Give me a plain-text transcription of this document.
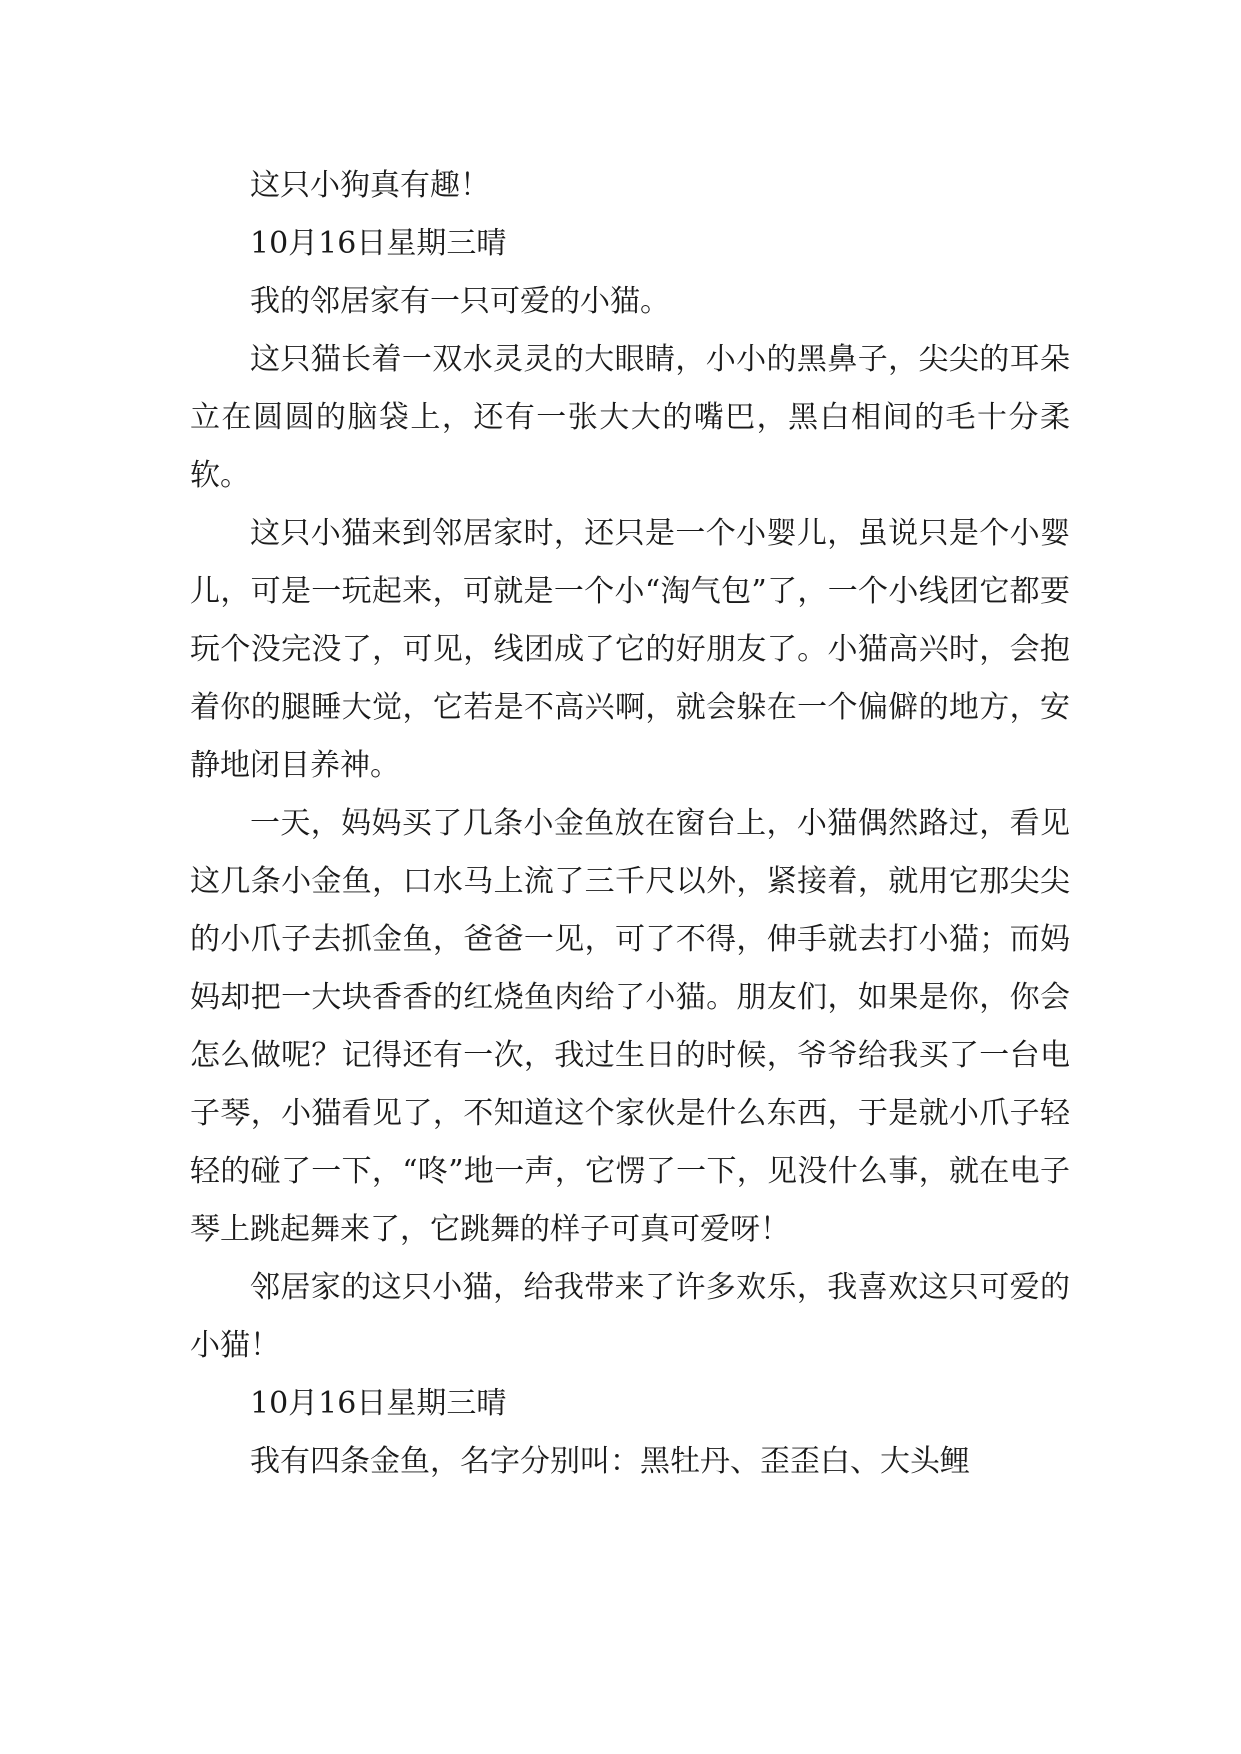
这只小狗真有趣！

10月16日星期三晴

我的邻居家有一只可爱的小猫。

这只猫长着一双水灵灵的大眼睛，小小的黑鼻子，尖尖的耳朵立在圆圆的脑袋上，还有一张大大的嘴巴，黑白相间的毛十分柔软。

这只小猫来到邻居家时，还只是一个小婴儿，虽说只是个小婴儿，可是一玩起来，可就是一个小“淘气包”了，一个小线团它都要玩个没完没了，可见，线团成了它的好朋友了。小猫高兴时，会抱着你的腿睡大觉，它若是不高兴啊，就会躲在一个偏僻的地方，安静地闭目养神。

一天，妈妈买了几条小金鱼放在窗台上，小猫偶然路过，看见这几条小金鱼，口水马上流了三千尺以外，紧接着，就用它那尖尖的小爪子去抓金鱼，爸爸一见，可了不得，伸手就去打小猫；而妈妈却把一大块香香的红烧鱼肉给了小猫。朋友们，如果是你，你会怎么做呢？记得还有一次，我过生日的时候，爷爷给我买了一台电子琴，小猫看见了，不知道这个家伙是什么东西，于是就小爪子轻轻的碰了一下，“咚”地一声，它愣了一下，见没什么事，就在电子琴上跳起舞来了，它跳舞的样子可真可爱呀！

邻居家的这只小猫，给我带来了许多欢乐，我喜欢这只可爱的小猫！

10月16日星期三晴

我有四条金鱼，名字分别叫：黑牡丹、歪歪白、大头鲤
